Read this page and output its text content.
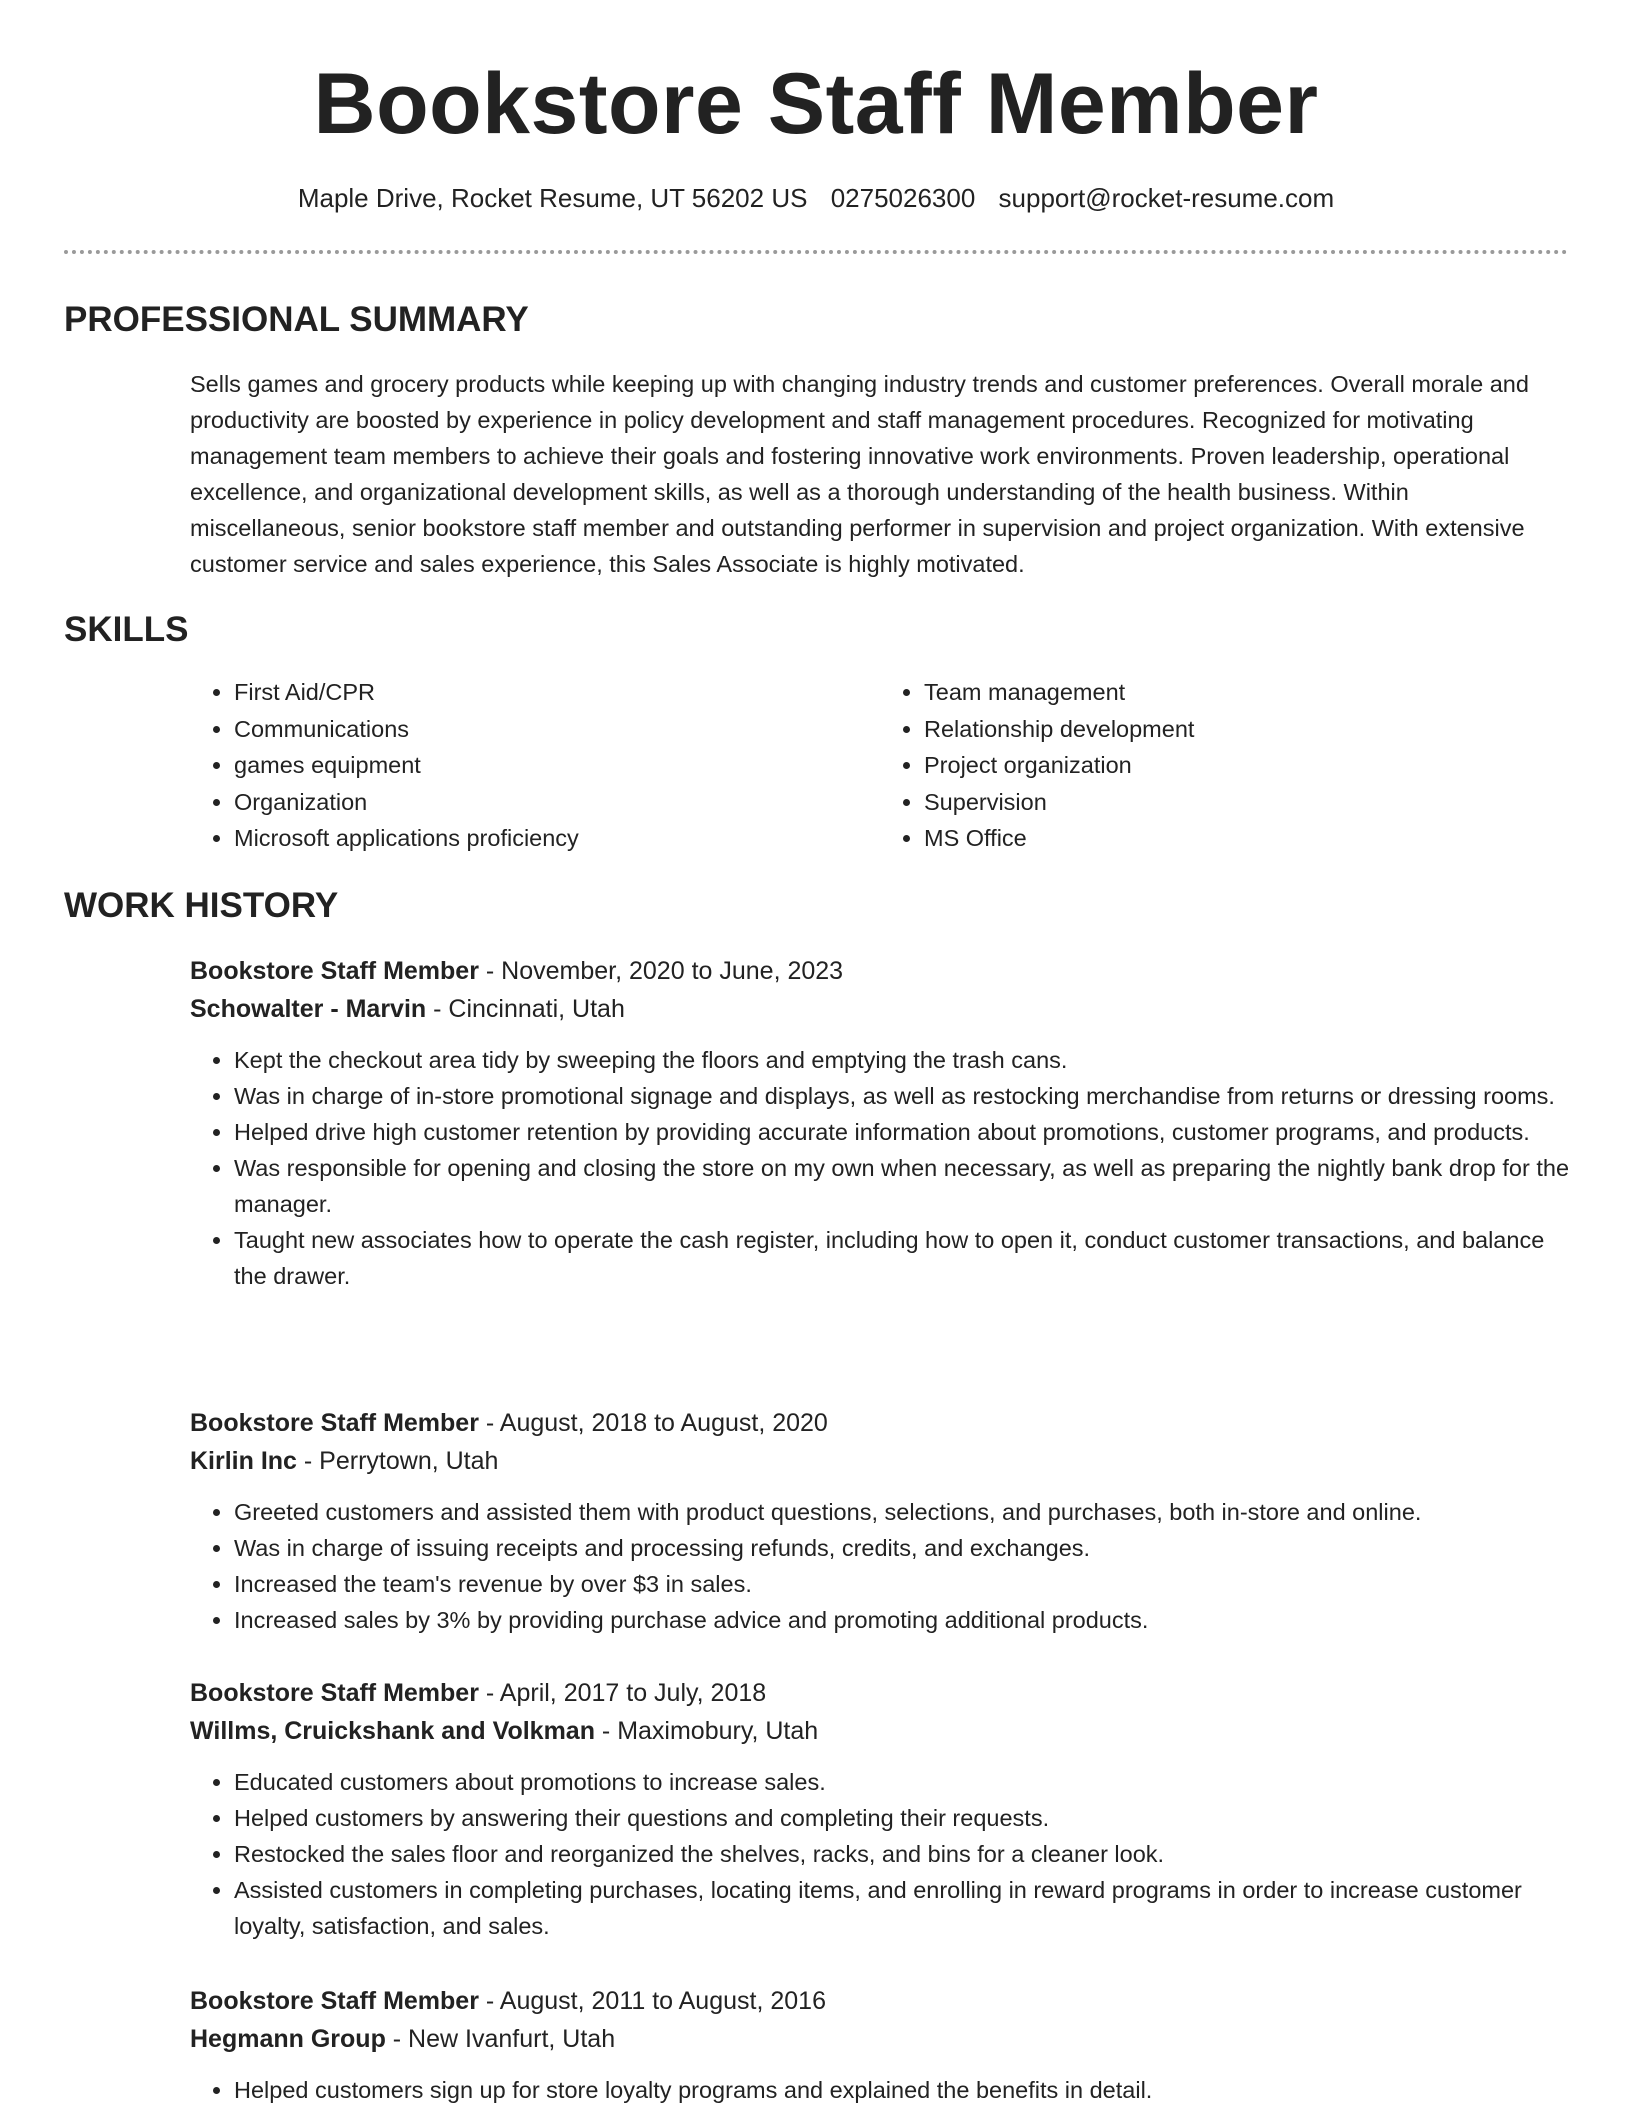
Bookstore Staff Member
Maple Drive, Rocket Resume, UT 56202 US 0275026300 support@rocket-resume.com
PROFESSIONAL SUMMARY

Sells games and grocery products while keeping up with changing industry trends and customer preferences. Overall morale and productivity are boosted by experience in policy development and staff management procedures. Recognized for motivating management team members to achieve their goals and fostering innovative work environments. Proven leadership, operational excellence, and organizational development skills, as well as a thorough understanding of the health business. Within miscellaneous, senior bookstore staff member and outstanding performer in supervision and project organization. With extensive customer service and sales experience, this Sales Associate is highly motivated.

SKILLS
• First Aid/CPR
• Communications
• games equipment
• Organization
• Microsoft applications proficiency
• Team management
• Relationship development
• Project organization
• Supervision
• MS Office
WORK HISTORY
Bookstore Staff Member - November, 2020 to June, 2023
Schowalter - Marvin - Cincinnati, Utah
• Kept the checkout area tidy by sweeping the floors and emptying the trash cans.
• Was in charge of in-store promotional signage and displays, as well as restocking merchandise from returns or dressing rooms.
• Helped drive high customer retention by providing accurate information about promotions, customer programs, and products.
• Was responsible for opening and closing the store on my own when necessary, as well as preparing the nightly bank drop for the manager.
• Taught new associates how to operate the cash register, including how to open it, conduct customer transactions, and balance the drawer.
Bookstore Staff Member - August, 2018 to August, 2020
Kirlin Inc - Perrytown, Utah
• Greeted customers and assisted them with product questions, selections, and purchases, both in-store and online.
• Was in charge of issuing receipts and processing refunds, credits, and exchanges.
• Increased the team's revenue by over $3 in sales.
• Increased sales by 3% by providing purchase advice and promoting additional products.
Bookstore Staff Member - April, 2017 to July, 2018
Willms, Cruickshank and Volkman - Maximobury, Utah
• Educated customers about promotions to increase sales.
• Helped customers by answering their questions and completing their requests.
• Restocked the sales floor and reorganized the shelves, racks, and bins for a cleaner look.
• Assisted customers in completing purchases, locating items, and enrolling in reward programs in order to increase customer loyalty, satisfaction, and sales.
Bookstore Staff Member - August, 2011 to August, 2016
Hegmann Group - New Ivanfurt, Utah
• Helped customers sign up for store loyalty programs and explained the benefits in detail.
